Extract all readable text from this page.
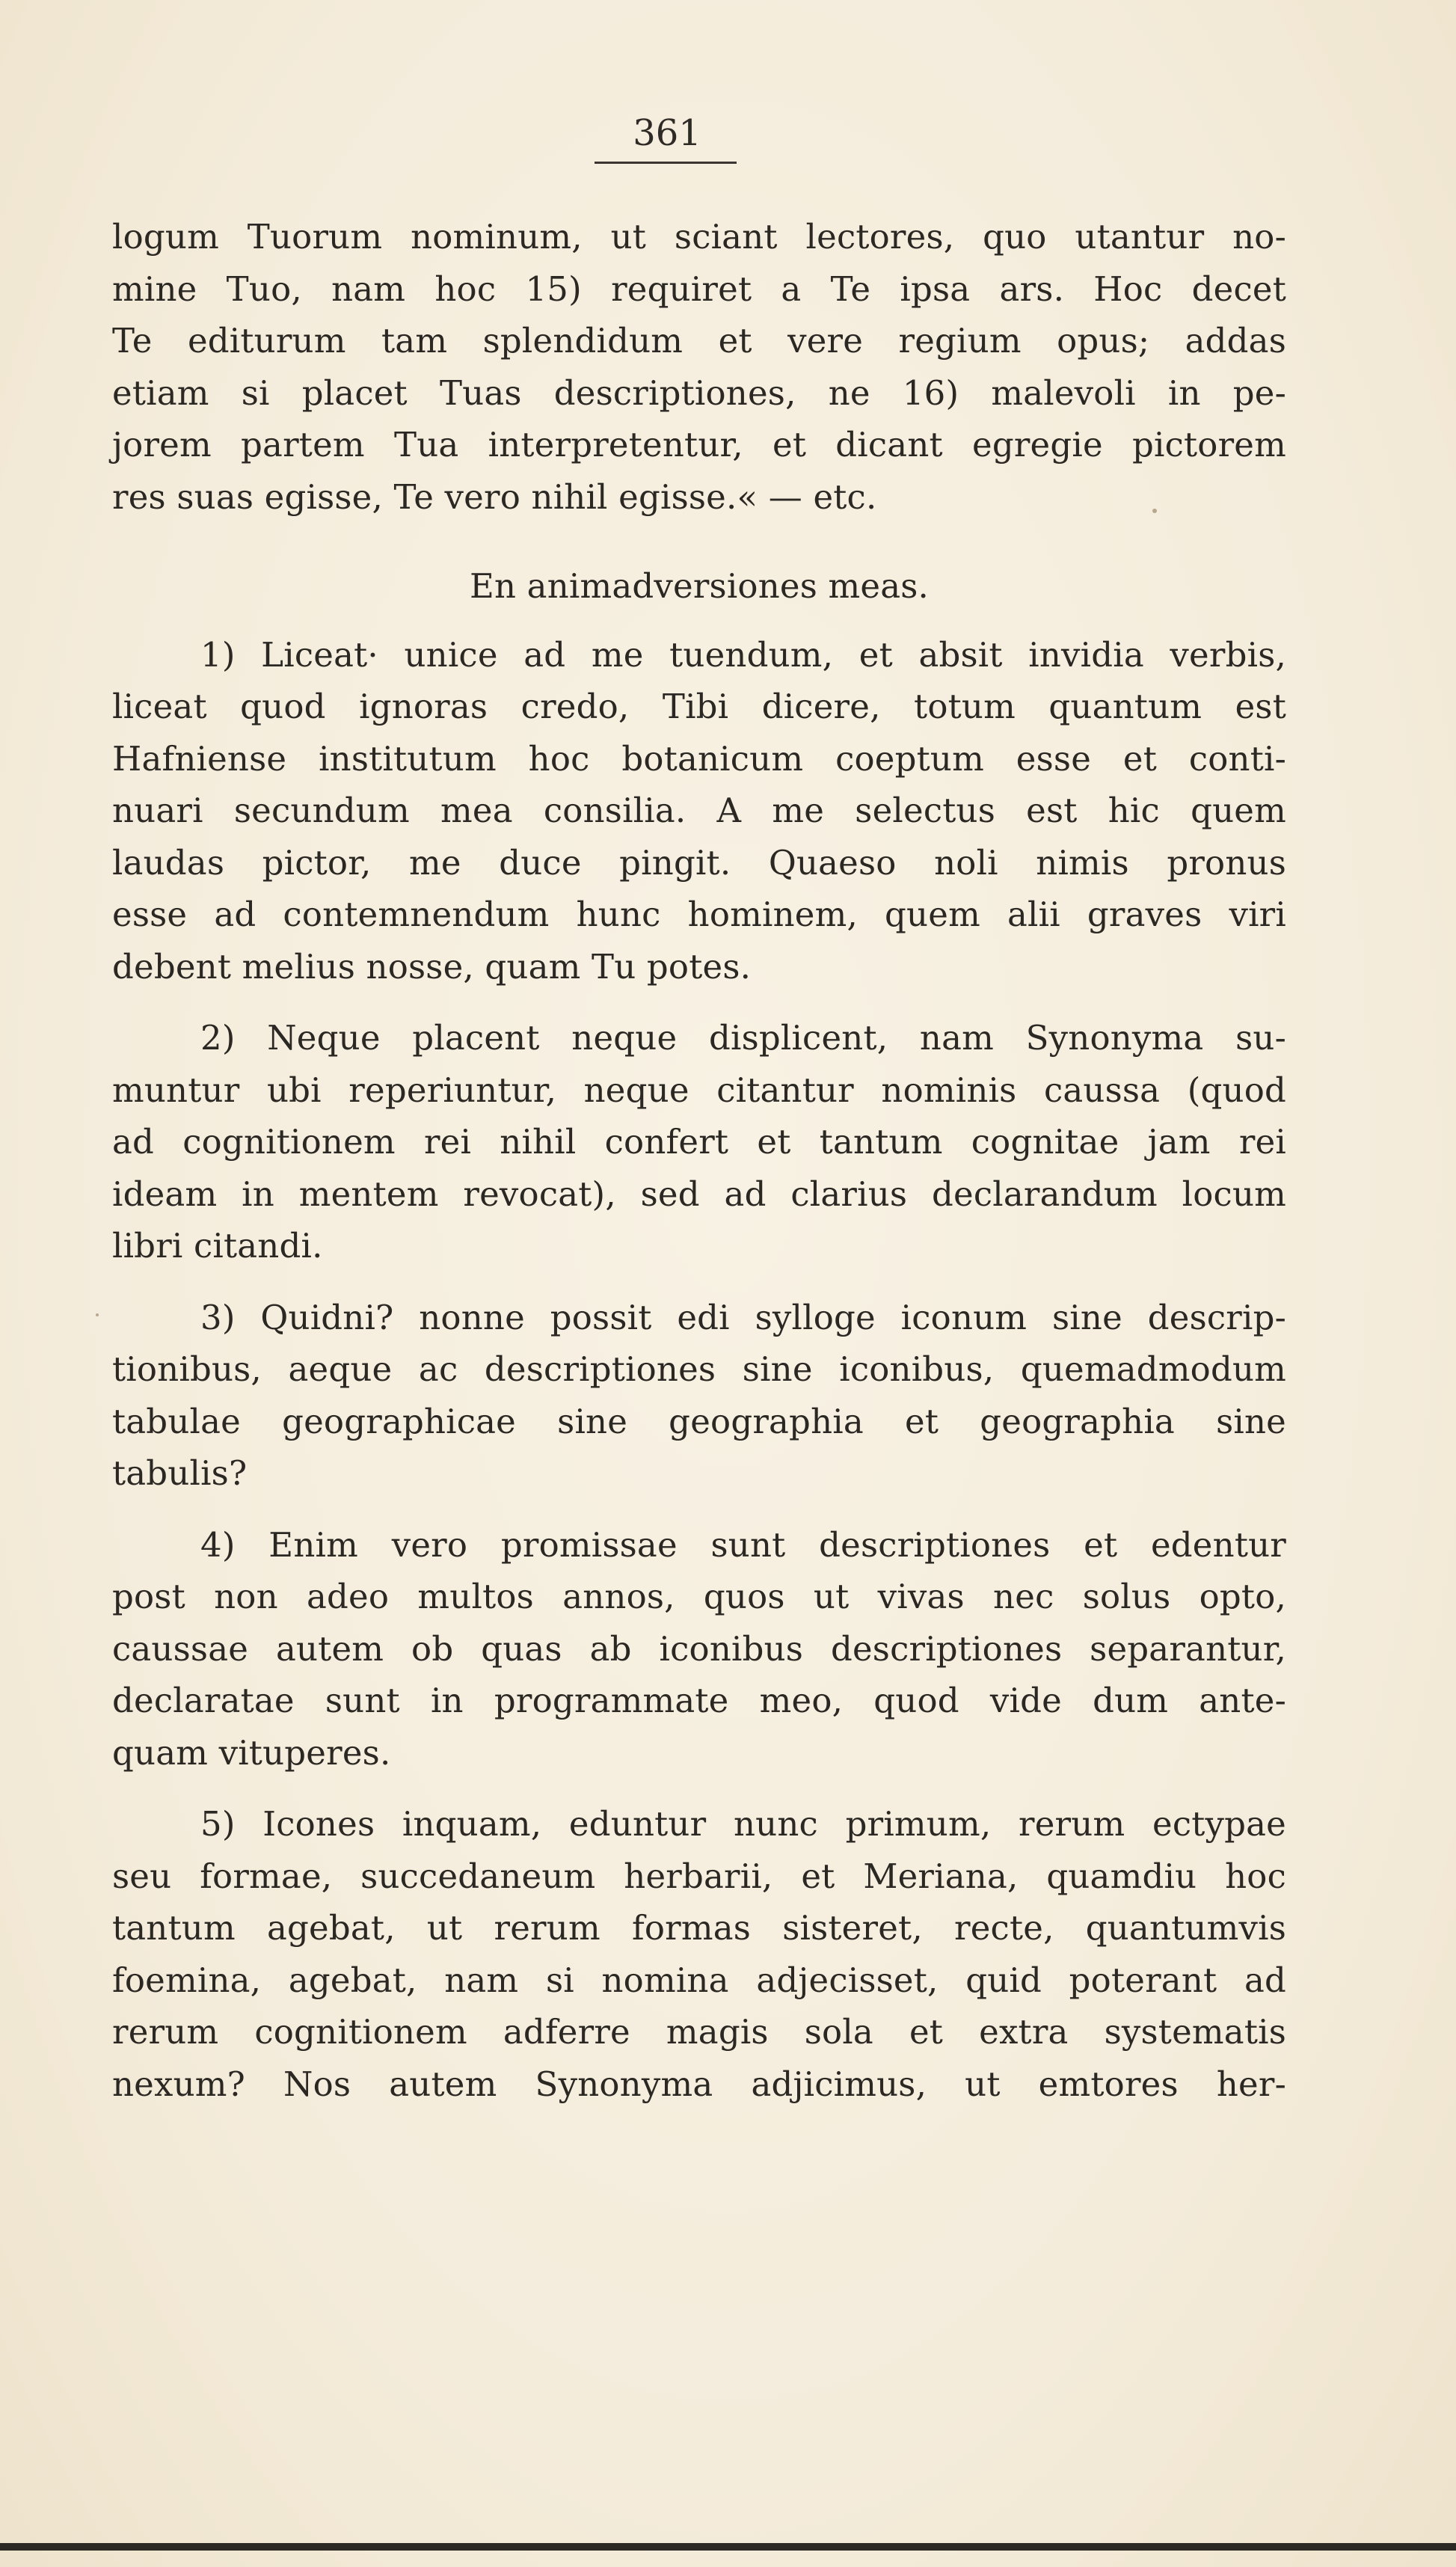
361

logum Tuorum nominum, ut sciant lectores, quo utantur no-

mine Tuo, nam hoc 15) requiret a Te ipsa ars. Hoc decet

Te editurum tam splendidum et vere regium opus; addas

etiam si placet Tuas descriptiones, ne 16) malevoli in pe-

jorem partem Tua interpretentur, et dicant egregie pictorem

res suas egisse, Te vero nihil egisse.« — etc.

En animadversiones meas.

1) Liceat· unice ad me tuendum, et absit invidia verbis,

liceat quod ignoras credo, Tibi dicere, totum quantum est

Hafniense institutum hoc botanicum coeptum esse et conti-

nuari secundum mea consilia. A me selectus est hic quem

laudas pictor, me duce pingit. Quaeso noli nimis pronus

esse ad contemnendum hunc hominem, quem alii graves viri

debent melius nosse, quam Tu potes.

2) Neque placent neque displicent, nam Synonyma su-

muntur ubi reperiuntur, neque citantur nominis caussa (quod

ad cognitionem rei nihil confert et tantum cognitae jam rei

ideam in mentem revocat), sed ad clarius declarandum locum

libri citandi.

3) Quidni? nonne possit edi sylloge iconum sine descrip-

tionibus, aeque ac descriptiones sine iconibus, quemadmodum

tabulae geographicae sine geographia et geographia sine

tabulis?

4) Enim vero promissae sunt descriptiones et edentur

post non adeo multos annos, quos ut vivas nec solus opto,

caussae autem ob quas ab iconibus descriptiones separantur,

declaratae sunt in programmate meo, quod vide dum ante-

quam vituperes.

5) Icones inquam, eduntur nunc primum, rerum ectypae

seu formae, succedaneum herbarii, et Meriana, quamdiu hoc

tantum agebat, ut rerum formas sisteret, recte, quantumvis

foemina, agebat, nam si nomina adjecisset, quid poterant ad

rerum cognitionem adferre magis sola et extra systematis

nexum? Nos autem Synonyma adjicimus, ut emtores her-
